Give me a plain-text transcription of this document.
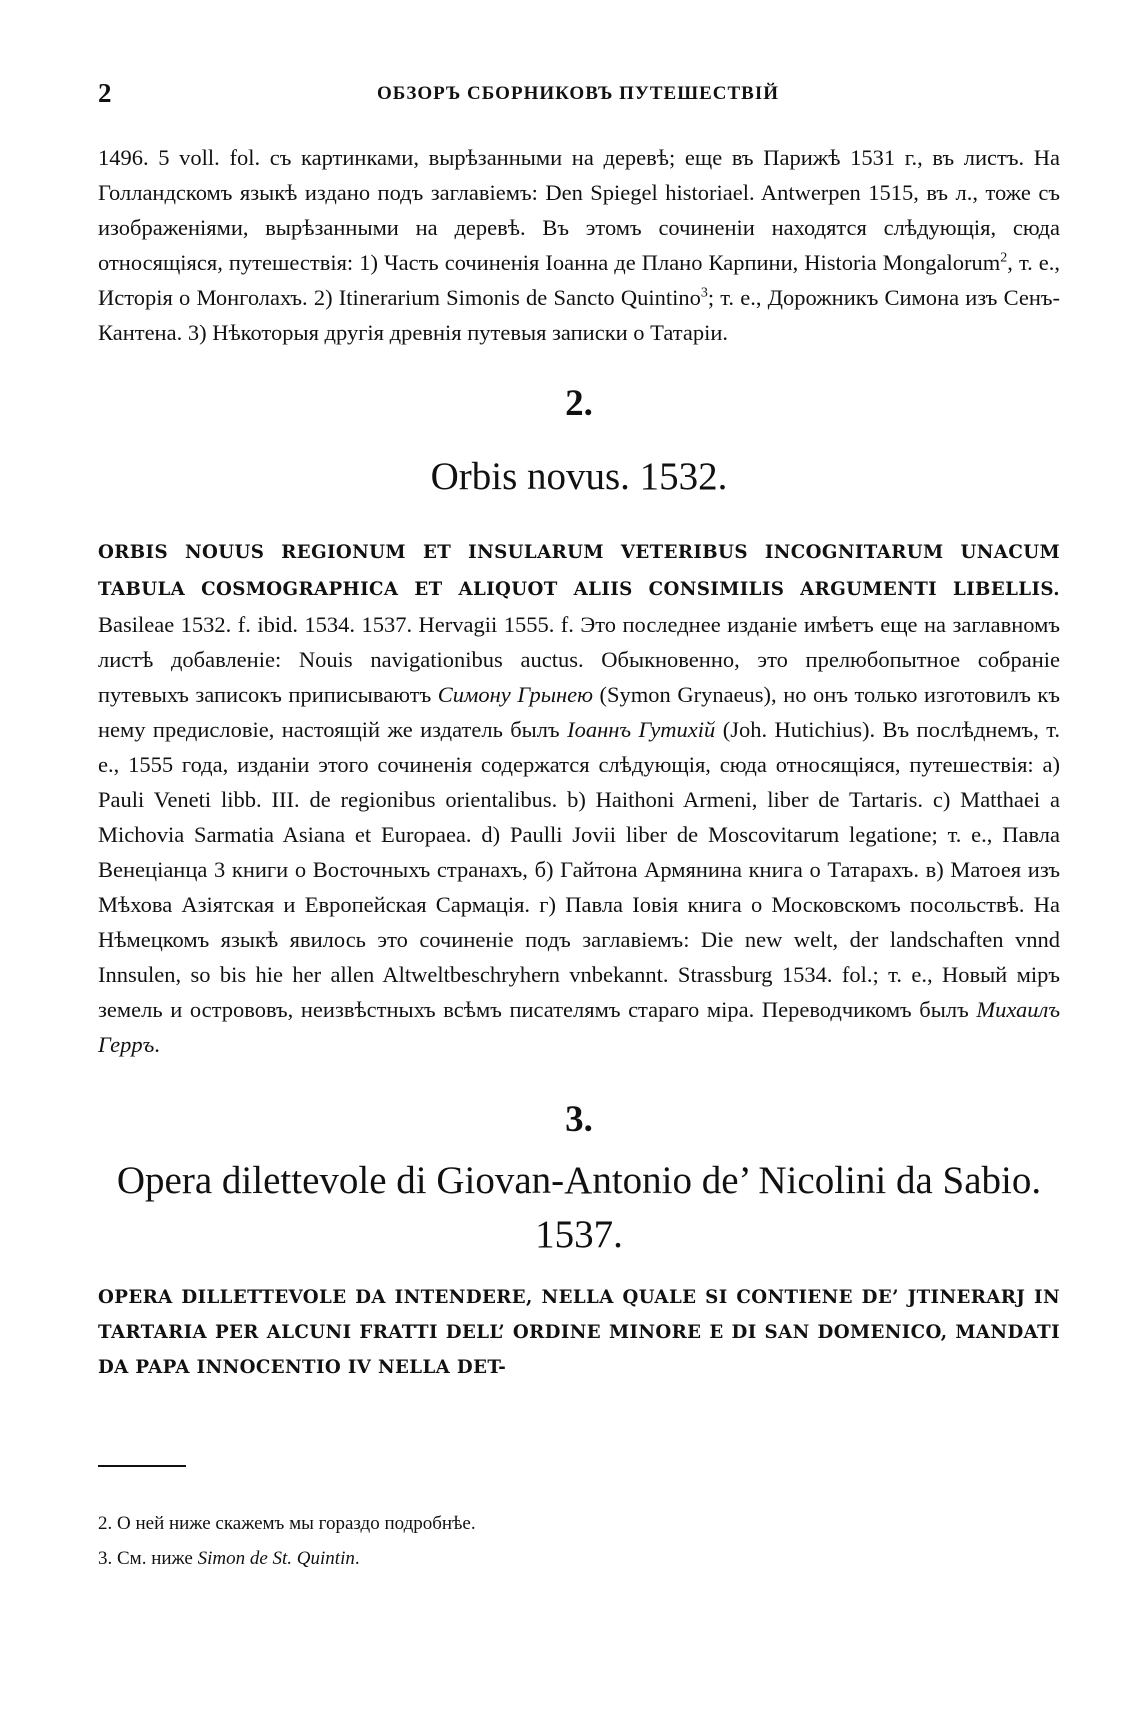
2	ОБЗОРЪ СБОРНИКОВЪ ПУТЕШЕСТВІЙ

1496. 5 voll. fol. съ картинками, вырѣзанными на деревѣ; еще въ Парижѣ 1531 г., въ листъ. На Голландскомъ языкѣ издано подъ заглавіемъ: Den Spiegel historiael. Antwerpen 1515, въ л., тоже съ изображеніями, вырѣзанными на деревѣ. Въ этомъ сочиненіи находятся слѣдующія, сюда относящіяся, путешествія: 1) Часть сочиненія Іоанна де Плано Карпини, Historia Mongalorum$^2$, т. е., Исторія о Монголахъ. 2) Itinerarium Simonis de Sancto Quintino$^3$; т. е., Дорожникъ Симона изъ Сенъ-Кантена. 3) Нѣкоторыя другія древнія путевыя записки о Татаріи.

2.
Orbis novus. 1532.

ORBIS NOUUS REGIONUM ET INSULARUM VETERIBUS INCOGNITARUM UNACUM TABULA COSMOGRAPHICA ET ALIQUOT ALIIS CONSIMILIS ARGUMENTI LIBELLIS. Basileae 1532. f. ibid. 1534. 1537. Hervagii 1555. f. Это последнее изданіе имѣетъ еще на заглавномъ листѣ добавленіе: Nouis navigationibus auctus. Обыкновенно, это прелюбопытное собраніе путевыхъ записокъ приписываютъ Симону Грынею (Symon Grynaeus), но онъ только изготовилъ къ нему предисловіе, настоящій же издатель былъ Іоаннъ Гутихій (Joh. Hutichius). Въ послѣднемъ, т. е., 1555 года, изданіи этого сочиненія содержатся слѣдующія, сюда относящіяся, путешествія: а) Pauli Veneti libb. III. de regionibus orientalibus. b) Haithoni Armeni, liber de Tartaris. c) Matthaei a Michovia Sarmatia Asiana et Europaea. d) Paulli Jovii liber de Moscovitarum legatione; т. е., Павла Венеціанца 3 книги о Восточныхъ странахъ, б) Гайтона Армянина книга о Татарахъ. в) Матоея изъ Мѣхова Азіятская и Европейская Сармація. г) Павла Іовія книга о Московскомъ посольствѣ. На Нѣмецкомъ языкѣ явилось это сочиненіе подъ заглавіемъ: Die new welt, der landschaften vnnd Innsulen, so bis hie her allen Altweltbeschryhern vnbekannt. Strassburg 1534. fol.; т. е., Новый міръ земель и острововъ, неизвѣстныхъ всѣмъ писателямъ стараго міра. Переводчикомъ былъ Михаилъ Герръ.

3.
Opera dilettevole di Giovan-Antonio de’ Nicolini da Sabio. 1537.

OPERA DILLETTEVOLE DA INTENDERE, NELLA QUALE SI CONTIENE DE’ JTINERARJ IN TARTARIA PER ALCUNI FRATTI DELL’ ORDINE MINORE E DI SAN DOMENICO, MANDATI DA PAPA INNOCENTIO IV NELLA DET-

2. О ней ниже скажемъ мы гораздо подробнѣе.
3. См. ниже Simon de St. Quintin.
